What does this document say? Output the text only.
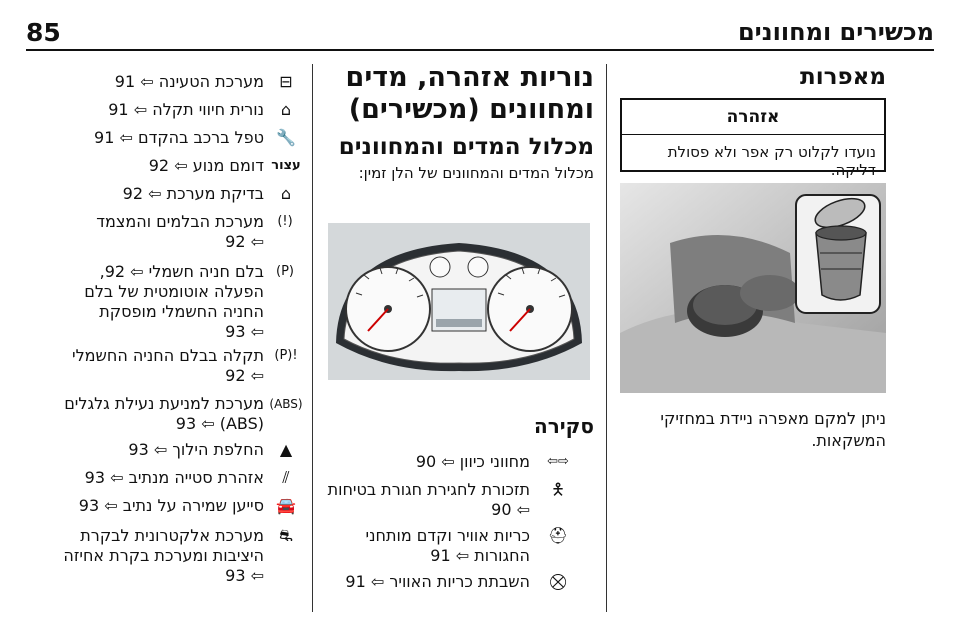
85	מכשירים ומחוונים
מאפרות
אזהרה
נועדו לקלוט רק אפר ולא פסולת דליקה.
ניתן למקם מאפרה ניידת במחזיקי
המשקאות.
נוריות אזהרה, מדים
ומחוונים (מכשירים)
מכלול המדים והמחוונים
מכלול המדים והמחוונים של הלן זמין:
סקירה
⇦⇨
מחווני כיוון ⇦ 90
🯅
תזכורת לחגירת חגורת בטיחות
⇦ 90
⛑
כריות אוויר וקדם מותחני
החגורות ⇦ 91
⛒
השבתת כריות האוויר ⇦ 91
⊟
מערכת הטעינה ⇦ 91
⌂
נורית חיווי תקלה ⇦ 91
🔧
טפל ברכב בהקדם ⇦ 91
עצור
דומם מנוע ⇦ 92
⌂
בדיקת מערכת ⇦ 92
(!)
מערכת הבלמים והמצמד
⇦ 92
(P)
בלם חניה חשמלי ⇦ 92,
הפעלה אוטומטית של בלם
החניה החשמלי מופסקת
⇦ 93
(P)!
תקלה בבלם החניה החשמלי
⇦ 92
(ABS)
מערכת למניעת נעילת גלגלים
(ABS) ⇦ 93
▲
החלפת הילוך ⇦ 93
⫽
אזהרת סטייה מנתיב ⇦ 93
🚘
סייען שמירה על נתיב ⇦ 93
⛐
מערכת אלקטרונית לבקרת
היציבות ומערכת בקרת אחיזה
⇦ 93
